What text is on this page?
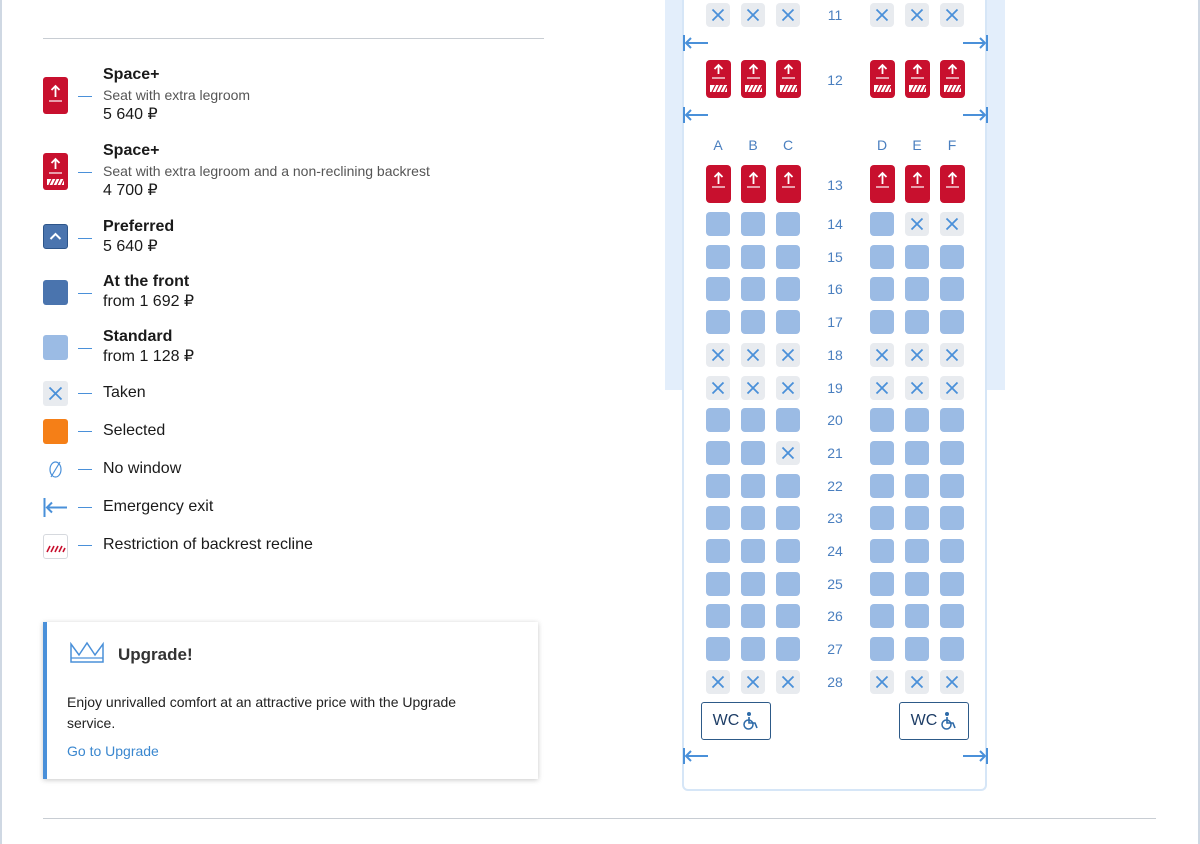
Space+
Seat with extra legroom
5 640 ₽
Space+
Seat with extra legroom and a non-reclining backrest
4 700 ₽
Preferred
5 640 ₽
At the front
from 1 692 ₽
Standard
from 1 128 ₽
Taken
Selected
No window
Emergency exit
Restriction of backrest recline
Upgrade!
Enjoy unrivalled comfort at an attractive price with the Upgrade service.
Go to Upgrade
11
12
13
14
15
16
17
18
19
20
21
22
23
24
25
26
27
28
A	B	C	D	E	F
WC	WC
